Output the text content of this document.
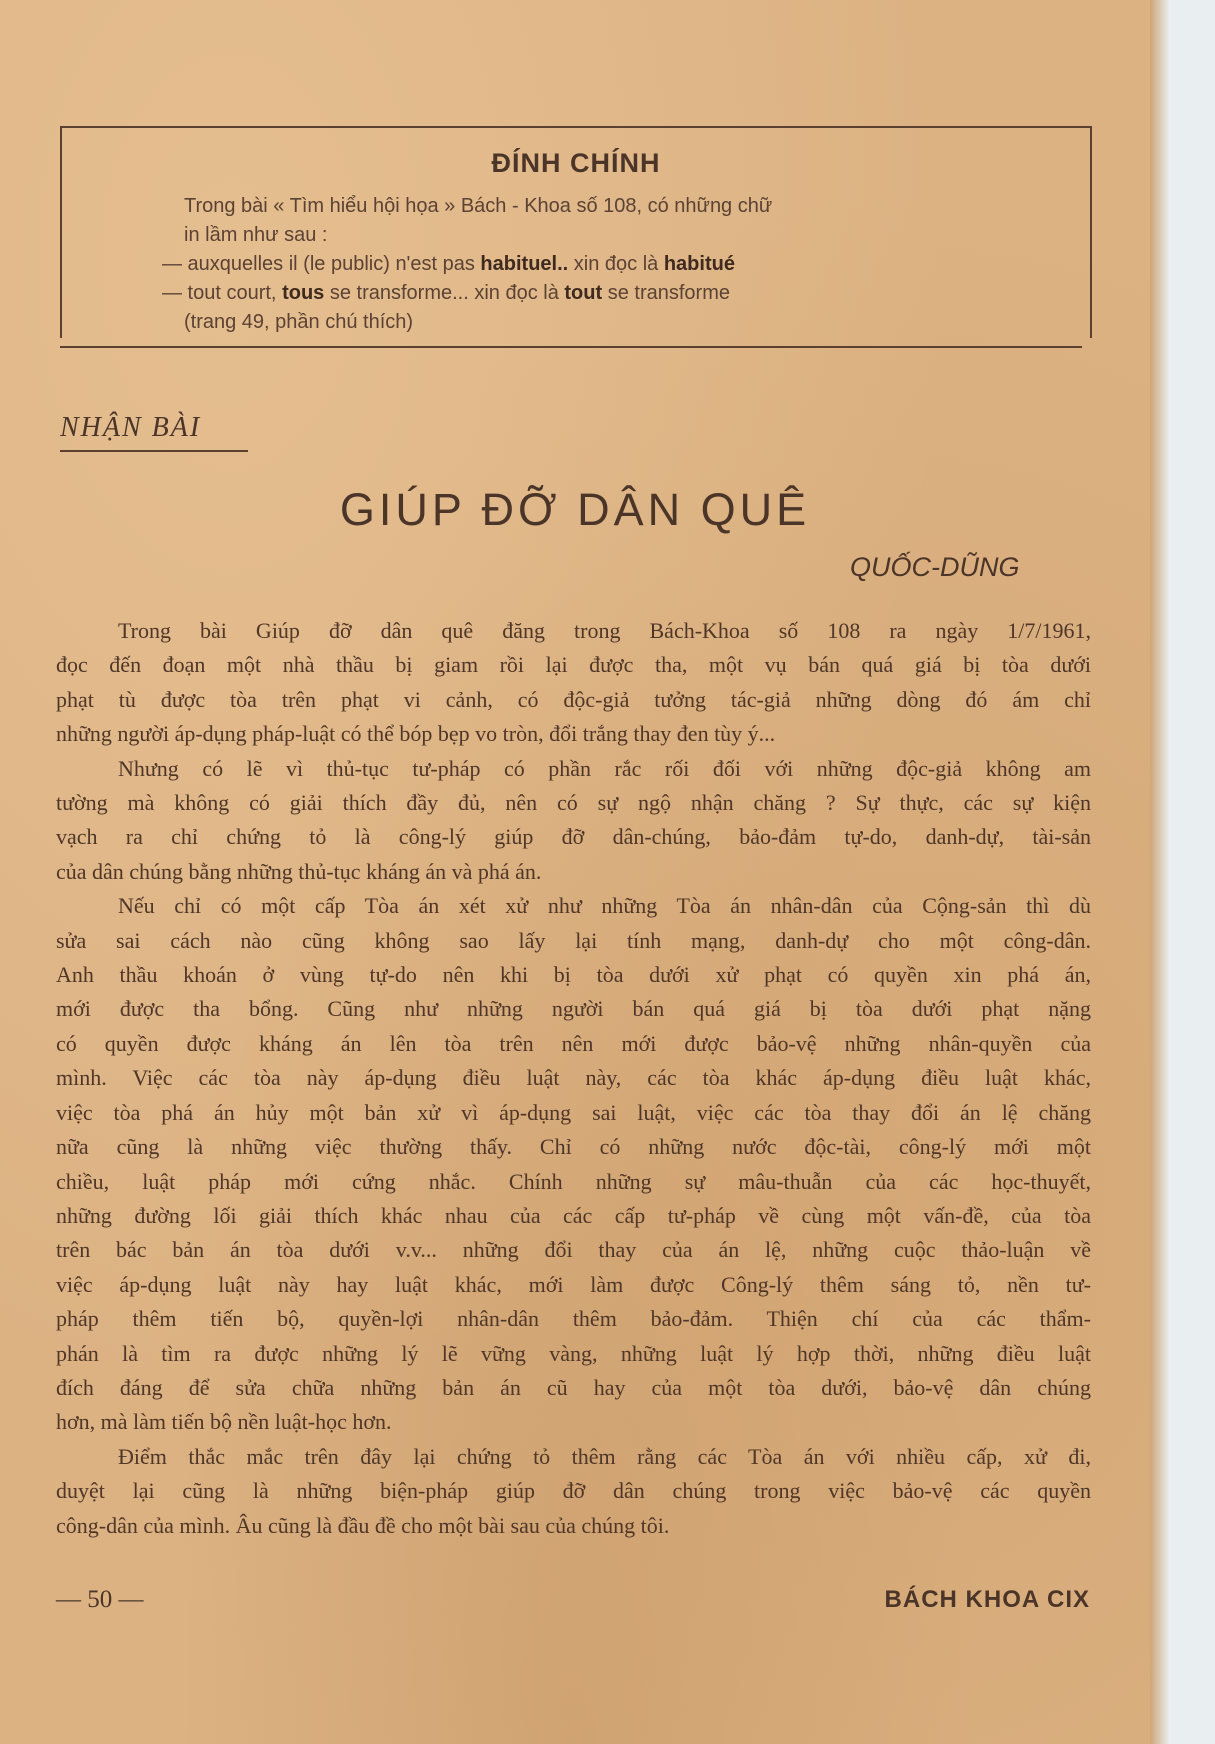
ĐÍNH CHÍNH
Trong bài « Tìm hiểu hội họa » Bách - Khoa số 108, có những chữ
in lầm như sau :
— auxquelles il (le public) n'est pas habituel.. xin đọc là habitué
— tout court, tous se transforme... xin đọc là tout se transforme
(trang 49, phần chú thích)
NHẬN BÀI
GIÚP ĐỠ DÂN QUÊ
QUỐC-DŨNG
Trong bài Giúp đỡ dân quê đăng trong Bách-Khoa số 108 ra ngày 1/7/1961,
đọc đến đoạn một nhà thầu bị giam rồi lại được tha, một vụ bán quá giá bị tòa dưới
phạt tù được tòa trên phạt vi cảnh, có độc-giả tưởng tác-giả những dòng đó ám chỉ
những người áp-dụng pháp-luật có thể bóp bẹp vo tròn, đổi trắng thay đen tùy ý...
Nhưng có lẽ vì thủ-tục tư-pháp có phần rắc rối đối với những độc-giả không am
tường mà không có giải thích đầy đủ, nên có sự ngộ nhận chăng ? Sự thực, các sự kiện
vạch ra chỉ chứng tỏ là công-lý giúp đỡ dân-chúng, bảo-đảm tự-do, danh-dự, tài-sản
của dân chúng bằng những thủ-tục kháng án và phá án.
Nếu chỉ có một cấp Tòa án xét xử như những Tòa án nhân-dân của Cộng-sản thì dù
sửa sai cách nào cũng không sao lấy lại tính mạng, danh-dự cho một công-dân.
Anh thầu khoán ở vùng tự-do nên khi bị tòa dưới xử phạt có quyền xin phá án,
mới được tha bổng. Cũng như những người bán quá giá bị tòa dưới phạt nặng
có quyền được kháng án lên tòa trên nên mới được bảo-vệ những nhân-quyền của
mình. Việc các tòa này áp-dụng điều luật này, các tòa khác áp-dụng điều luật khác,
việc tòa phá án hủy một bản xử vì áp-dụng sai luật, việc các tòa thay đổi án lệ chăng
nữa cũng là những việc thường thấy. Chỉ có những nước độc-tài, công-lý mới một
chiều, luật pháp mới cứng nhắc. Chính những sự mâu-thuẫn của các học-thuyết,
những đường lối giải thích khác nhau của các cấp tư-pháp về cùng một vấn-đề, của tòa
trên bác bản án tòa dưới v.v... những đổi thay của án lệ, những cuộc thảo-luận về
việc áp-dụng luật này hay luật khác, mới làm được Công-lý thêm sáng tỏ, nền tư-
pháp thêm tiến bộ, quyền-lợi nhân-dân thêm bảo-đảm. Thiện chí của các thẩm-
phán là tìm ra được những lý lẽ vững vàng, những luật lý hợp thời, những điều luật
đích đáng để sửa chữa những bản án cũ hay của một tòa dưới, bảo-vệ dân chúng
hơn, mà làm tiến bộ nền luật-học hơn.
Điểm thắc mắc trên đây lại chứng tỏ thêm rằng các Tòa án với nhiều cấp, xử đi,
duyệt lại cũng là những biện-pháp giúp đỡ dân chúng trong việc bảo-vệ các quyền
công-dân của mình. Âu cũng là đầu đề cho một bài sau của chúng tôi.
— 50 —	BÁCH KHOA CIX
